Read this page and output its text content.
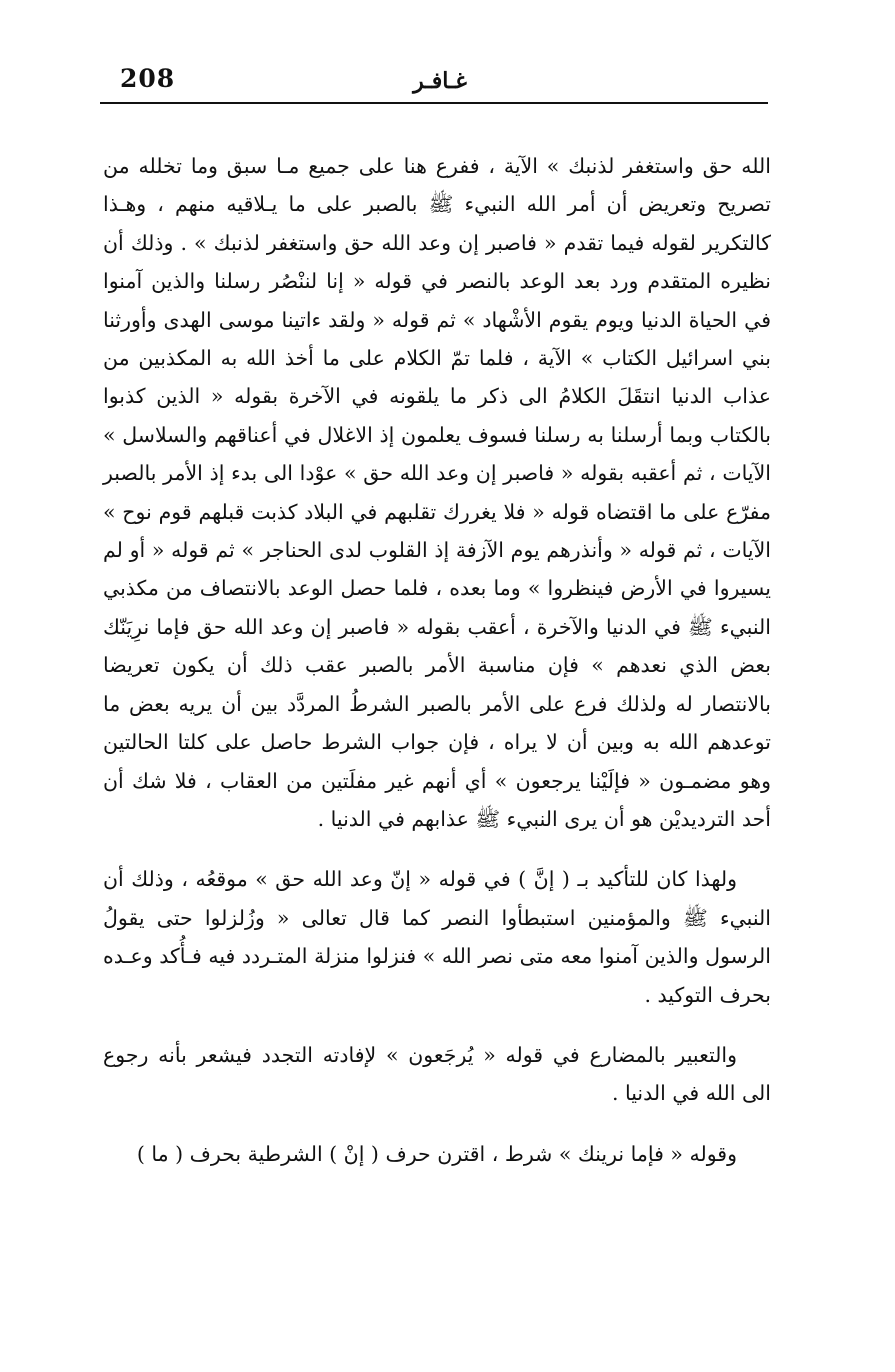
208	غـافـر

الله حق واستغفر لذنبك » الآية ، ففرع هنا على جميع مـا سبق وما تخلله من تصريح وتعريض أن أمر الله النبيء ﷺ بالصبر على ما يـلاقيه منهم ، وهـذا كالتكرير لقوله فيما تقدم « فاصبر إن وعد الله حق واستغفر لذنبك » . وذلك أن نظيره المتقدم ورد بعد الوعد بالنصر في قوله « إنا لننْصُر رسلنا والذين آمنوا في الحياة الدنيا ويوم يقوم الأشْهاد » ثم قوله « ولقد ءاتينا موسى الهدى وأورثنا بني اسرائيل الكتاب » الآية ، فلما تمّ الكلام على ما أخذ الله به المكذبين من عذاب الدنيا انتقَلَ الكلامُ الى ذكر ما يلقونه في الآخرة بقوله « الذين كذبوا بالكتاب وبما أرسلنا به رسلنا فسوف يعلمون إذ الاغلال في أعناقهم والسلاسل » الآيات ، ثم أعقبه بقوله « فاصبر إن وعد الله حق » عوْدا الى بدء إذ الأمر بالصبر مفرّع على ما اقتضاه قوله « فلا يغررك تقلبهم في البلاد كذبت قبلهم قوم نوح » الآيات ، ثم قوله « وأنذرهم يوم الآزفة إذ القلوب لدى الحناجر » ثم قوله « أو لم يسيروا في الأرض فينظروا » وما بعده ، فلما حصل الوعد بالانتصاف من مكذبي النبيء ﷺ في الدنيا والآخرة ، أعقب بقوله « فاصبر إن وعد الله حق فإما نرِيَنّك بعض الذي نعدهم » فإن مناسبة الأمر بالصبر عقب ذلك أن يكون تعريضا بالانتصار له ولذلك فرع على الأمر بالصبر الشرطُ المردَّد بين أن يريه بعض ما توعدهم الله به وبين أن لا يراه ، فإن جواب الشرط حاصل على كلتا الحالتين وهو مضمـون « فإلَيْنا يرجعون » أي أنهم غير مفلَتين من العقاب ، فلا شك أن أحد الترديديْن هو أن يرى النبيء ﷺ عذابهم في الدنيا .

ولهذا كان للتأكيد بـ ( إنَّ ) في قوله « إنّ وعد الله حق » موقعُه ، وذلك أن النبيء ﷺ والمؤمنين استبطأوا النصر كما قال تعالى « وزُلزلوا حتى يقولُ الرسول والذين آمنوا معه متى نصر الله » فنزلوا منزلة المتـردد فيه فـأُكد وعـده بحرف التوكيد .

والتعبير بالمضارع في قوله « يُرجَعون » لإفادته التجدد فيشعر بأنه رجوع الى الله في الدنيا .

وقوله « فإما نرينك » شرط ، اقترن حرف ( إنْ ) الشرطية بحرف ( ما )
